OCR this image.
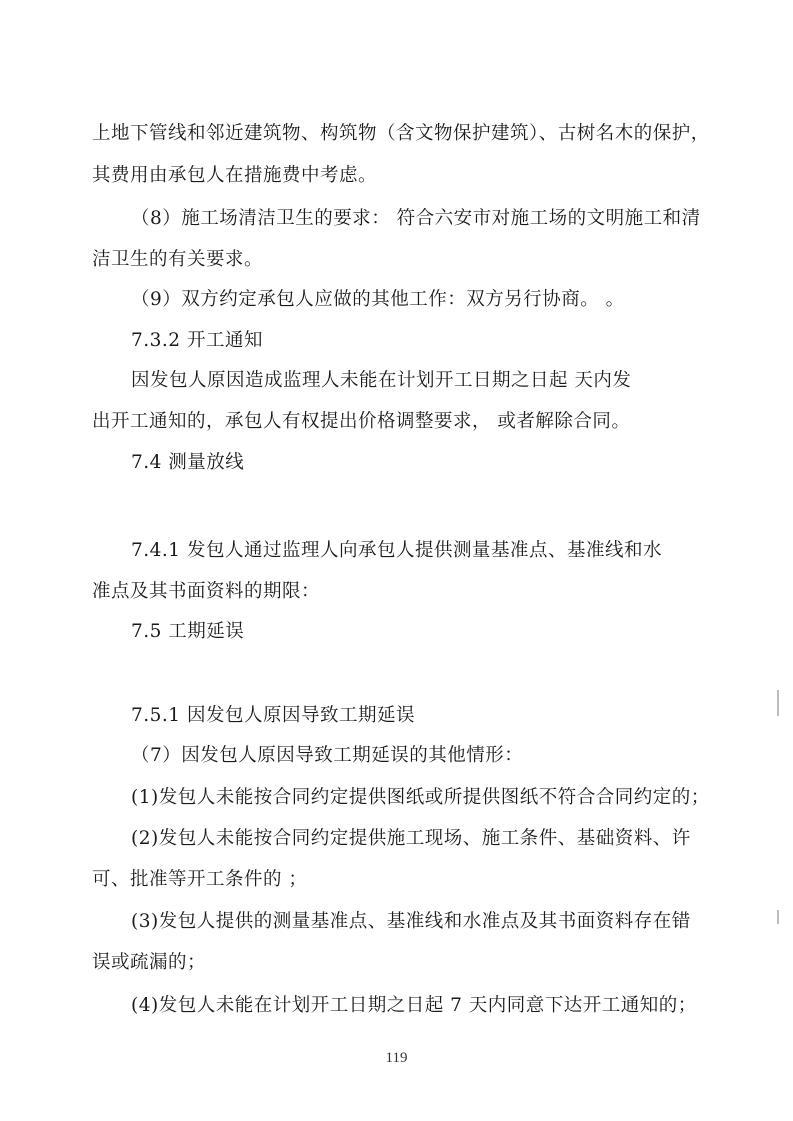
上地下管线和邻近建筑物、构筑物（含文物保护建筑）、古树名木的保护，
其费用由承包人在措施费中考虑。
（8）施工场清洁卫生的要求： 符合六安市对施工场的文明施工和清
洁卫生的有关要求。
（9）双方约定承包人应做的其他工作：双方另行协商。 。
7.3.2 开工通知
因发包人原因造成监理人未能在计划开工日期之日起 天内发
出开工通知的，承包人有权提出价格调整要求， 或者解除合同。
7.4 测量放线
7.4.1 发包人通过监理人向承包人提供测量基准点、基准线和水
准点及其书面资料的期限：
7.5 工期延误
7.5.1 因发包人原因导致工期延误
（7）因发包人原因导致工期延误的其他情形：
(1)发包人未能按合同约定提供图纸或所提供图纸不符合合同约定的；
(2)发包人未能按合同约定提供施工现场、施工条件、基础资料、许
可、批准等开工条件的 ；
(3)发包人提供的测量基准点、基准线和水准点及其书面资料存在错
误或疏漏的；
(4)发包人未能在计划开工日期之日起 7 天内同意下达开工通知的；
119
